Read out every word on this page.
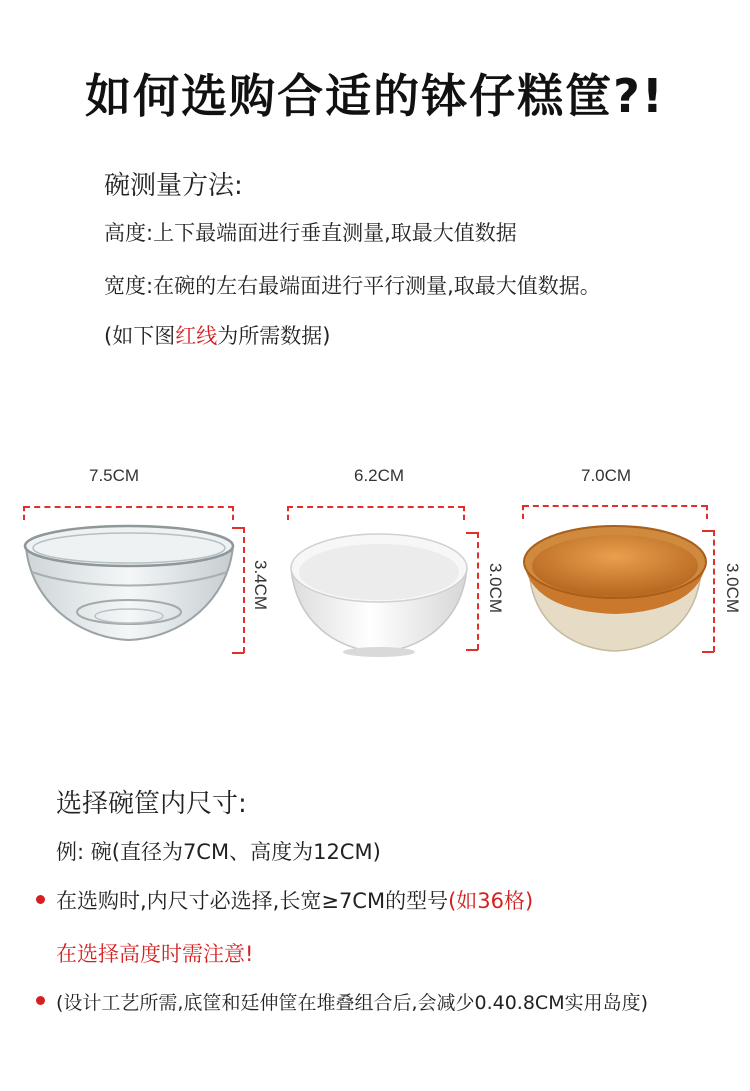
如何选购合适的钵仔糕筐?!
碗测量方法:
高度:上下最端面进行垂直测量,取最大值数据
宽度:在碗的左右最端面进行平行测量,取最大值数据。
(如下图红线为所需数据)
7.5CM
3.4CM
6.2CM
3.0CM
7.0CM
3.0CM
选择碗筐内尺寸:
例: 碗(直径为7CM、高度为12CM)
在选购时,内尺寸必选择,长宽≥7CM的型号(如36格)
在选择高度时需注意!
(设计工艺所需,底筐和廷伸筐在堆叠组合后,会减少0.40.8CM实用岛度)
